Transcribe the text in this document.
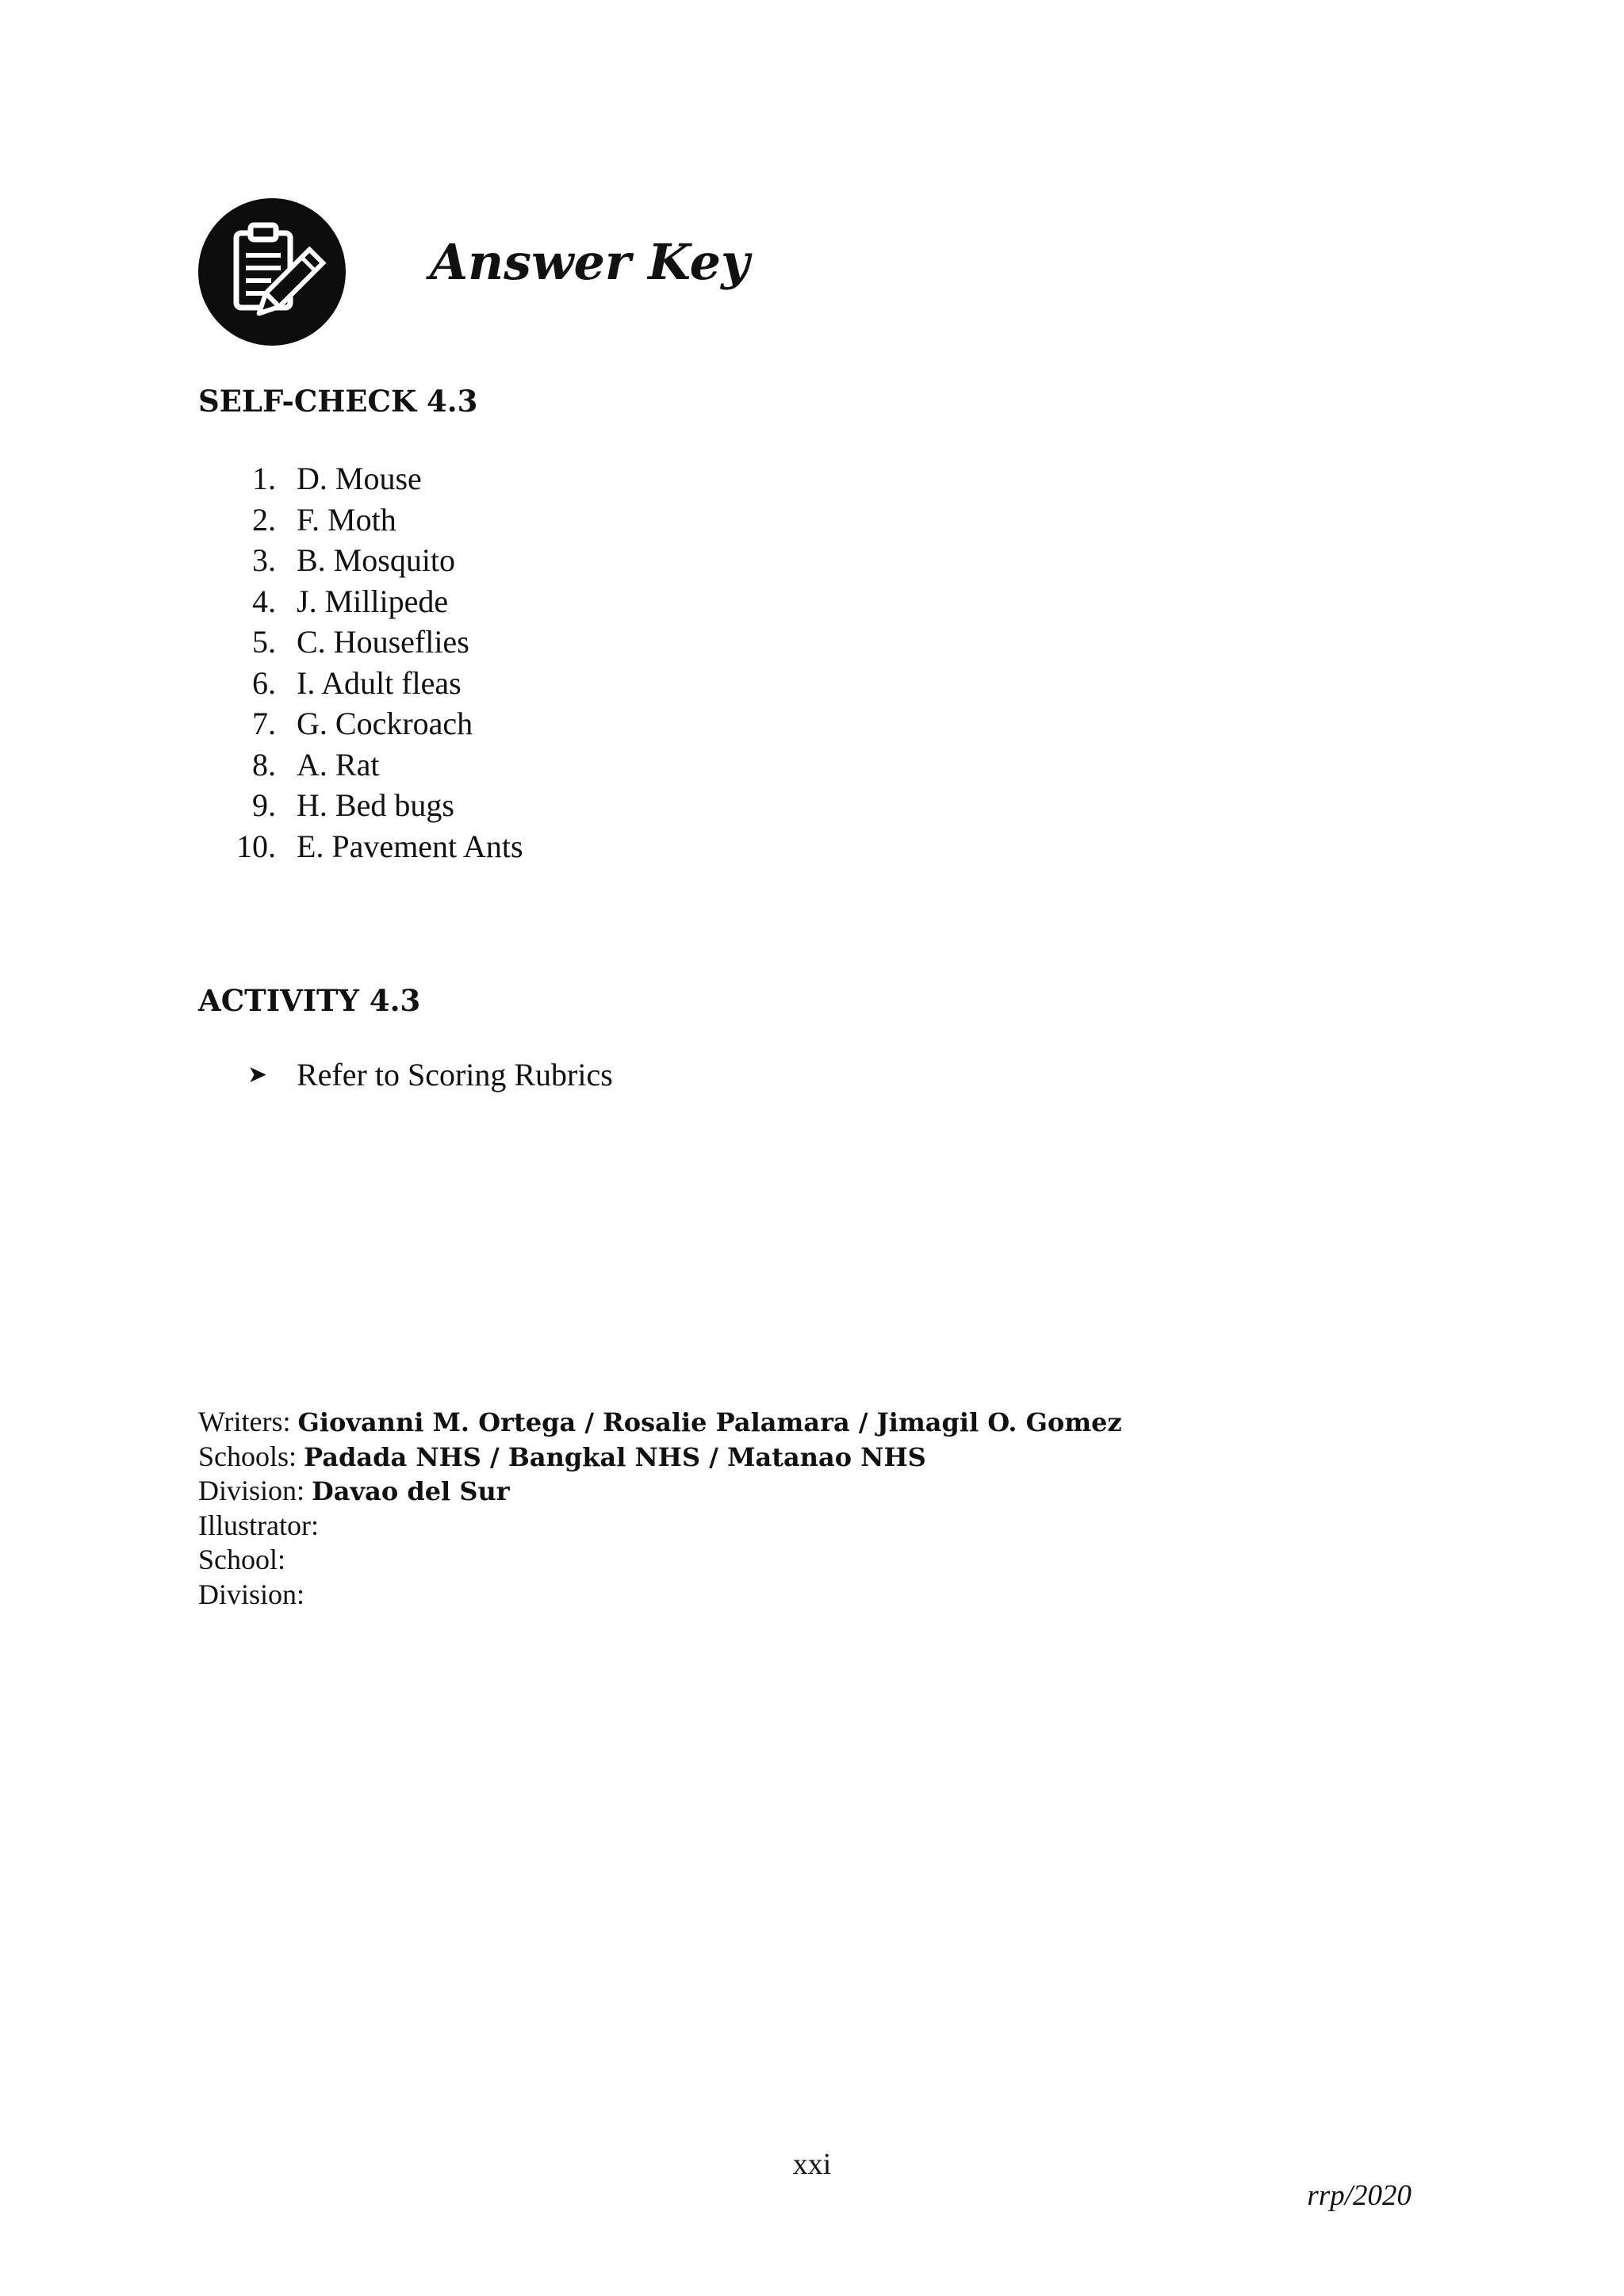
Answer Key
SELF-CHECK 4.3
1. D. Mouse
2. F. Moth
3. B. Mosquito
4. J. Millipede
5. C. Houseflies
6. I. Adult fleas
7. G. Cockroach
8. A. Rat
9. H. Bed bugs
10. E. Pavement Ants
ACTIVITY 4.3
➤ Refer to Scoring Rubrics
Writers: Giovanni M. Ortega / Rosalie Palamara / Jimagil O. Gomez
Schools: Padada NHS / Bangkal NHS / Matanao NHS
Division: Davao del Sur
Illustrator:
School:
Division:
xxi
rrp/2020
